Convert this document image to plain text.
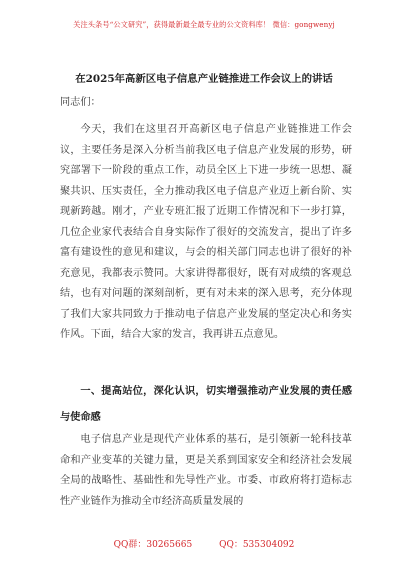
关注头条号“公文研究”，获得最新最全最专业的公文资料库！ 微信：gongwenyj
在2025年高新区电子信息产业链推进工作会议上的讲话
同志们：
今天，我们在这里召开高新区电子信息产业链推进工作会议，主要任务是深入分析当前我区电子信息产业发展的形势，研究部署下一阶段的重点工作，动员全区上下进一步统一思想、凝聚共识、压实责任，全力推动我区电子信息产业迈上新台阶、实现新跨越。刚才，产业专班汇报了近期工作情况和下一步打算，几位企业家代表结合自身实际作了很好的交流发言，提出了许多富有建设性的意见和建议，与会的相关部门同志也讲了很好的补充意见，我都表示赞同。大家讲得都很好，既有对成绩的客观总结，也有对问题的深刻剖析，更有对未来的深入思考，充分体现了我们大家共同致力于推动电子信息产业发展的坚定决心和务实作风。下面，结合大家的发言，我再讲五点意见。
一、提高站位，深化认识，切实增强推动产业发展的责任感与使命感
电子信息产业是现代产业体系的基石，是引领新一轮科技革命和产业变革的关键力量，更是关系到国家安全和经济社会发展全局的战略性、基础性和先导性产业。市委、市政府将打造标志性产业链作为推动全市经济高质量发展的
QQ群：30265665	QQ：535304092
